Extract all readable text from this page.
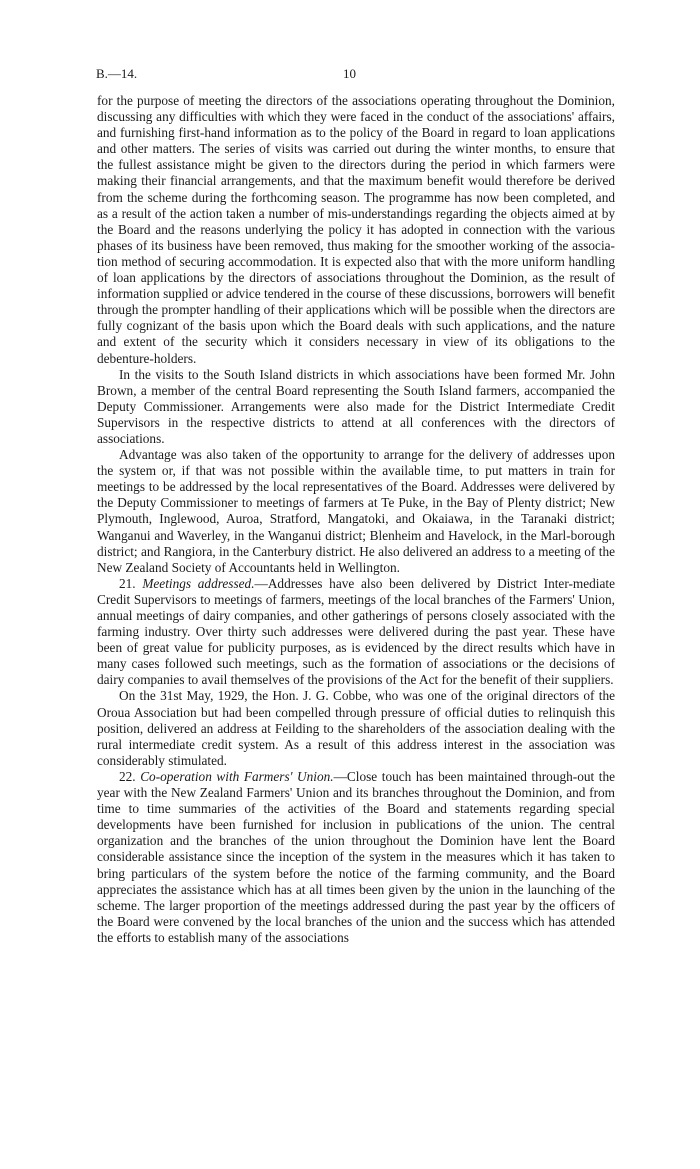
B.—14.	10

for the purpose of meeting the directors of the associations operating throughout the Dominion, discussing any difficulties with which they were faced in the conduct of the associations' affairs, and furnishing first-hand information as to the policy of the Board in regard to loan applications and other matters. The series of visits was carried out during the winter months, to ensure that the fullest assistance might be given to the directors during the period in which farmers were making their financial arrangements, and that the maximum benefit would therefore be derived from the scheme during the forthcoming season. The programme has now been completed, and as a result of the action taken a number of mis-understandings regarding the objects aimed at by the Board and the reasons underlying the policy it has adopted in connection with the various phases of its business have been removed, thus making for the smoother working of the associa-tion method of securing accommodation. It is expected also that with the more uniform handling of loan applications by the directors of associations throughout the Dominion, as the result of information supplied or advice tendered in the course of these discussions, borrowers will benefit through the prompter handling of their applications which will be possible when the directors are fully cognizant of the basis upon which the Board deals with such applications, and the nature and extent of the security which it considers necessary in view of its obligations to the debenture-holders.

In the visits to the South Island districts in which associations have been formed Mr. John Brown, a member of the central Board representing the South Island farmers, accompanied the Deputy Commissioner. Arrangements were also made for the District Intermediate Credit Supervisors in the respective districts to attend at all conferences with the directors of associations.

Advantage was also taken of the opportunity to arrange for the delivery of addresses upon the system or, if that was not possible within the available time, to put matters in train for meetings to be addressed by the local representatives of the Board. Addresses were delivered by the Deputy Commissioner to meetings of farmers at Te Puke, in the Bay of Plenty district; New Plymouth, Inglewood, Auroa, Stratford, Mangatoki, and Okaiawa, in the Taranaki district; Wanganui and Waverley, in the Wanganui district; Blenheim and Havelock, in the Marl-borough district; and Rangiora, in the Canterbury district. He also delivered an address to a meeting of the New Zealand Society of Accountants held in Wellington.

21. Meetings addressed.—Addresses have also been delivered by District Inter-mediate Credit Supervisors to meetings of farmers, meetings of the local branches of the Farmers' Union, annual meetings of dairy companies, and other gatherings of persons closely associated with the farming industry. Over thirty such addresses were delivered during the past year. These have been of great value for publicity purposes, as is evidenced by the direct results which have in many cases followed such meetings, such as the formation of associations or the decisions of dairy companies to avail themselves of the provisions of the Act for the benefit of their suppliers.

On the 31st May, 1929, the Hon. J. G. Cobbe, who was one of the original directors of the Oroua Association but had been compelled through pressure of official duties to relinquish this position, delivered an address at Feilding to the shareholders of the association dealing with the rural intermediate credit system. As a result of this address interest in the association was considerably stimulated.

22. Co-operation with Farmers' Union.—Close touch has been maintained through-out the year with the New Zealand Farmers' Union and its branches throughout the Dominion, and from time to time summaries of the activities of the Board and statements regarding special developments have been furnished for inclusion in publications of the union. The central organization and the branches of the union throughout the Dominion have lent the Board considerable assistance since the inception of the system in the measures which it has taken to bring particulars of the system before the notice of the farming community, and the Board appreciates the assistance which has at all times been given by the union in the launching of the scheme. The larger proportion of the meetings addressed during the past year by the officers of the Board were convened by the local branches of the union and the success which has attended the efforts to establish many of the associations
